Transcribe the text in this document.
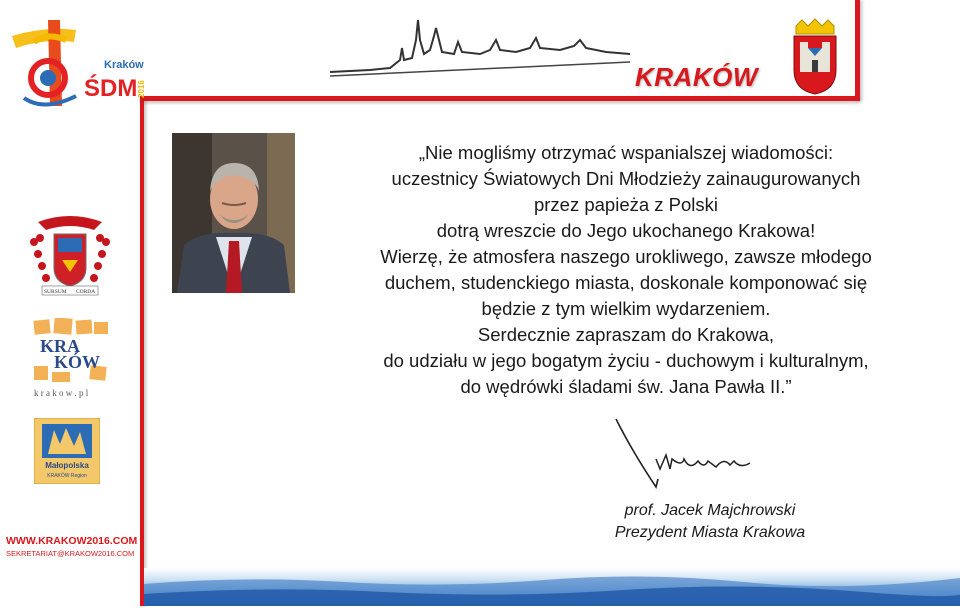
Kraków
ŚDM 2016	KRAKÓW

„Nie mogliśmy otrzymać wspanialszej wiadomości:

uczestnicy Światowych Dni Młodzieży zainaugurowanych

przez papieża z Polski

dotrą wreszcie do Jego ukochanego Krakowa!

Wierzę, że atmosfera naszego urokliwego, zawsze młodego

duchem, studenckiego miasta, doskonale komponować się

będzie z tym wielkim wydarzeniem.

Serdecznie zapraszam do Krakowa,

do udziału w jego bogatym życiu - duchowym i kulturalnym,

do wędrówki śladami św. Jana Pawła II.”

prof. Jacek Majchrowski

Prezydent Miasta Krakowa

SURSUM CORDA
KRA
KÓW
k r a k o w . p l
Małopolska
KRAKÓW Region
WWW.KRAKOW2016.COM
SEKRETARIAT@KRAKOW2016.COM
